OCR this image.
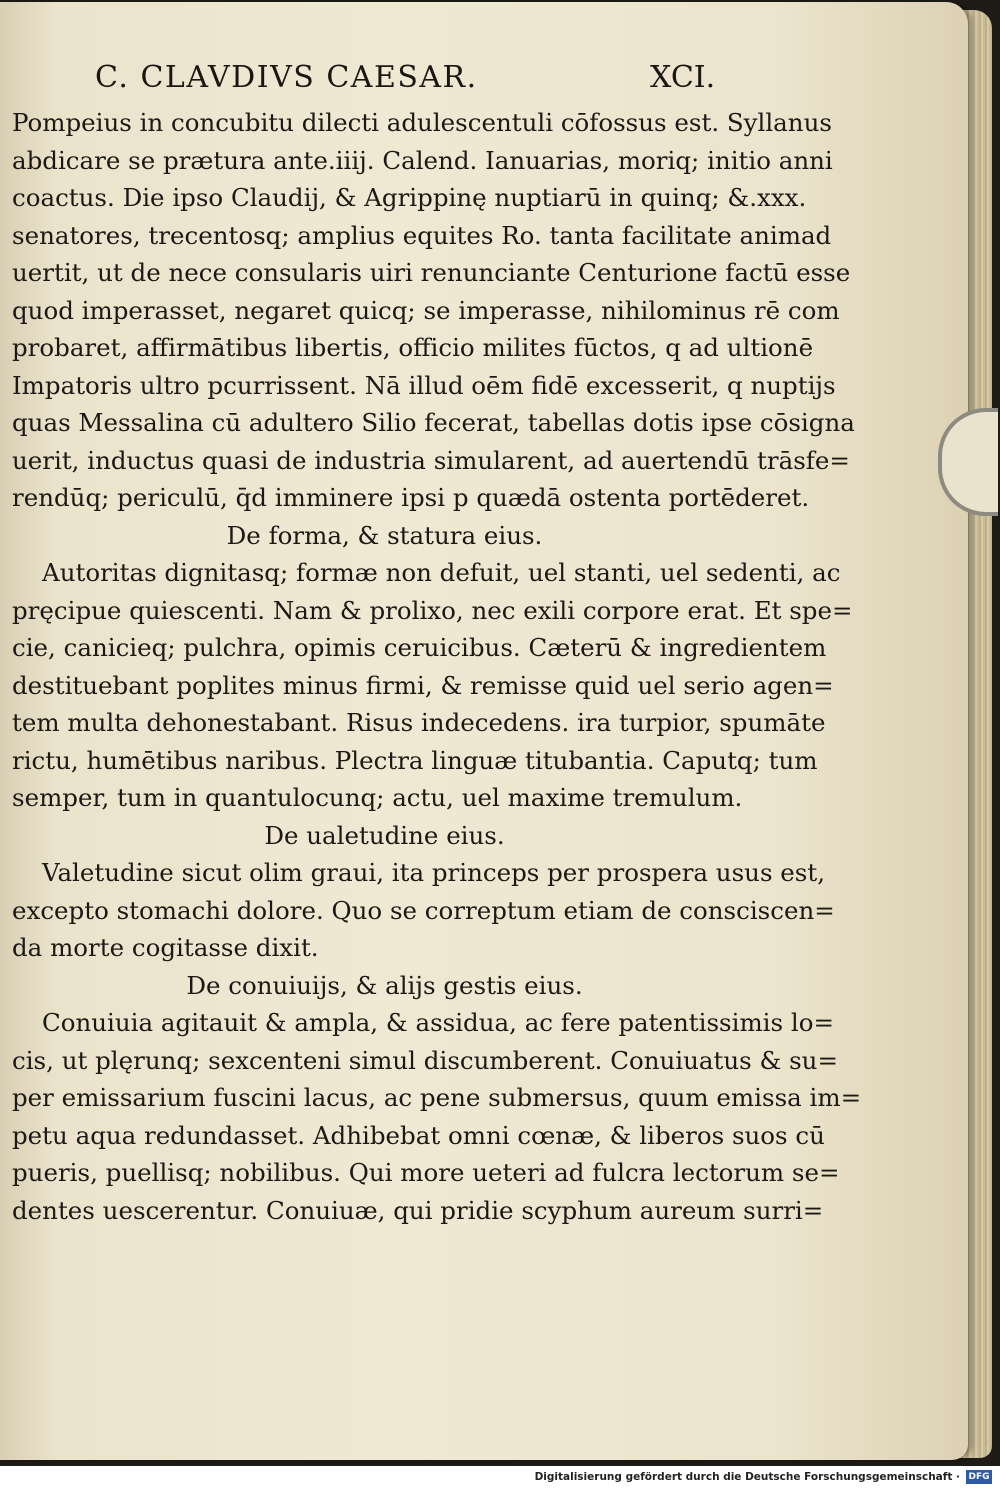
C. CLAVDIVS CAESAR.	XCI.
Pompeius in concubitu dilecti adulescentuli cōfossus est. Syllanus
abdicare se prætura ante.iiij. Calend. Ianuarias, moriq; initio anni
coactus. Die ipso Claudij, & Agrippinę nuptiarū in quinq; &.xxx.
senatores, trecentosq; amplius equites Ro. tanta facilitate animad
uertit, ut de nece consularis uiri renunciante Centurione factū esse
quod imperasset, negaret quicq; se imperasse, nihilominus rē com
probaret, affirmātibus libertis, officio milites fūctos, q ad ultionē
Impatoris ultro pcurrissent. Nā illud oēm fidē excesserit, q nuptijs
quas Messalina cū adultero Silio fecerat, tabellas dotis ipse cōsigna
uerit, inductus quasi de industria simularent, ad auertendū trāsfe=
rendūq; periculū, q̄d imminere ipsi p quædā ostenta portēderet.
De forma, & statura eius.
Autoritas dignitasq; formæ non defuit, uel stanti, uel sedenti, ac
pręcipue quiescenti. Nam & prolixo, nec exili corpore erat. Et spe=
cie, canicieq; pulchra, opimis ceruicibus. Cæterū & ingredientem
destituebant poplites minus firmi, & remisse quid uel serio agen=
tem multa dehonestabant. Risus indecedens. ira turpior, spumāte
rictu, humētibus naribus. Plectra linguæ titubantia. Caputq; tum
semper, tum in quantulocunq; actu, uel maxime tremulum.
De ualetudine eius.
Valetudine sicut olim graui, ita princeps per prospera usus est,
excepto stomachi dolore. Quo se correptum etiam de consciscen=
da morte cogitasse dixit.
De conuiuijs, & alijs gestis eius.
Conuiuia agitauit & ampla, & assidua, ac fere patentissimis lo=
cis, ut plęrunq; sexcenteni simul discumberent. Conuiuatus & su=
per emissarium fuscini lacus, ac pene submersus, quum emissa im=
petu aqua redundasset. Adhibebat omni cœnæ, & liberos suos cū
pueris, puellisq; nobilibus. Qui more ueteri ad fulcra lectorum se=
dentes uescerentur. Conuiuæ, qui pridie scyphum aureum surri=
Digitalisierung gefördert durch die Deutsche Forschungsgemeinschaft · DFG
